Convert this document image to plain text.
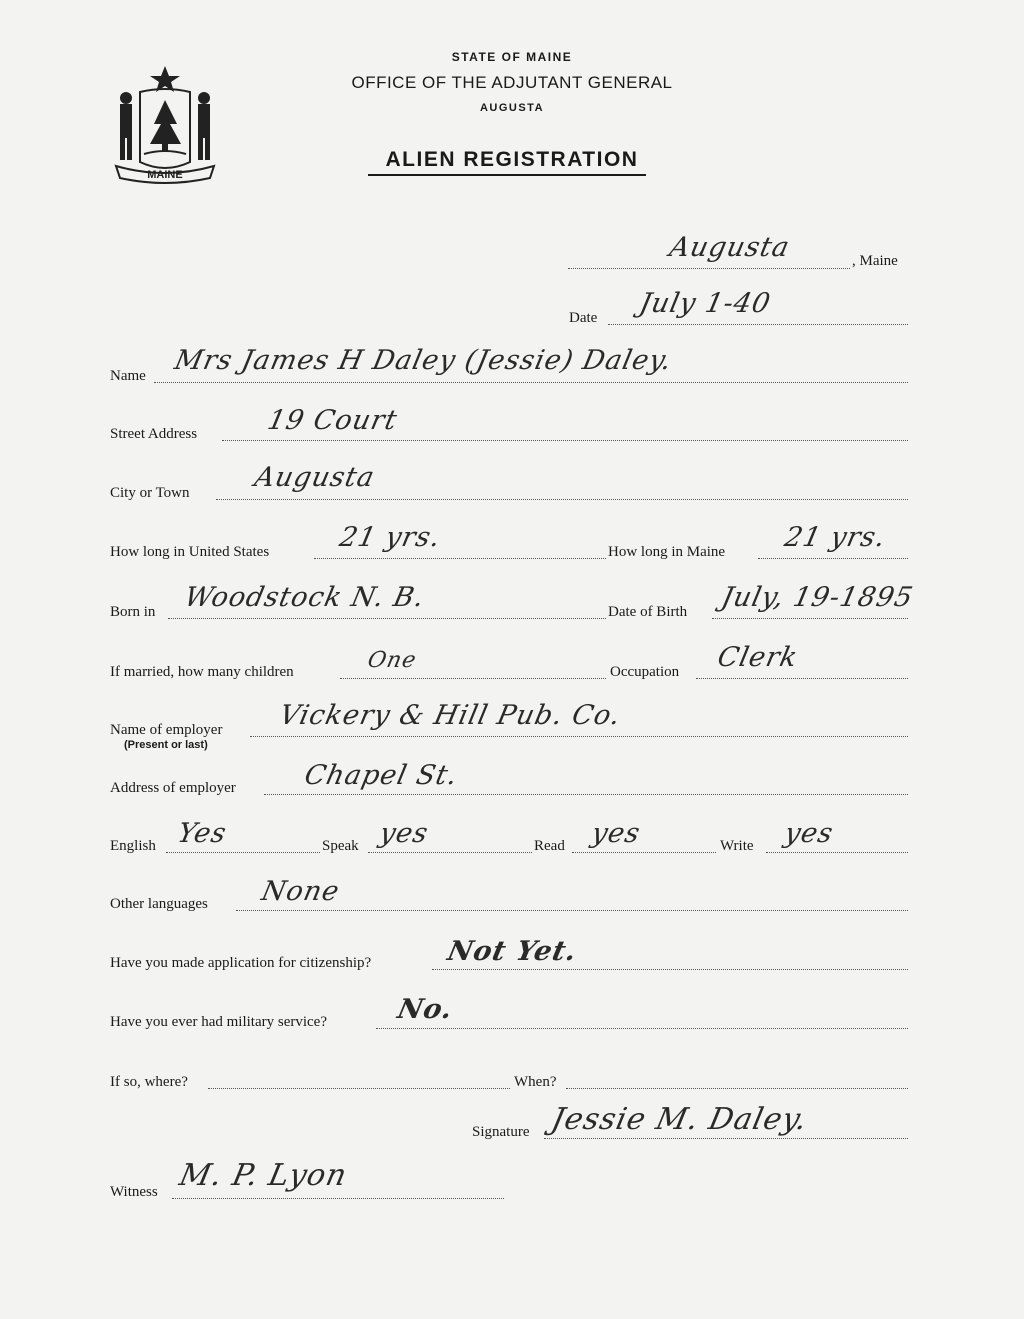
MAINE
STATE OF MAINE
OFFICE OF THE ADJUTANT GENERAL
AUGUSTA
ALIEN REGISTRATION
, Maine
Augusta
Date July 1-40
Name Mrs James H Daley (Jessie) Daley.
Street Address	19 Court
City or Town Augusta
How long in United States	21 yrs.	How long in Maine 21 yrs.
Born in Woodstock N. B.	Date of Birth July, 19-1895
If married, how many children	One	Occupation Clerk
Name of employer
(Present or last)
Vickery & Hill Pub. Co.
Address of employer Chapel St.
English Yes	Speak yes	Read yes	Write yes
Other languages None
Have you made application for citizenship?	Not Yet.
Have you ever had military service?	No.
If so, where?	When?
Signature Jessie M. Daley.
Witness M. P. Lyon
